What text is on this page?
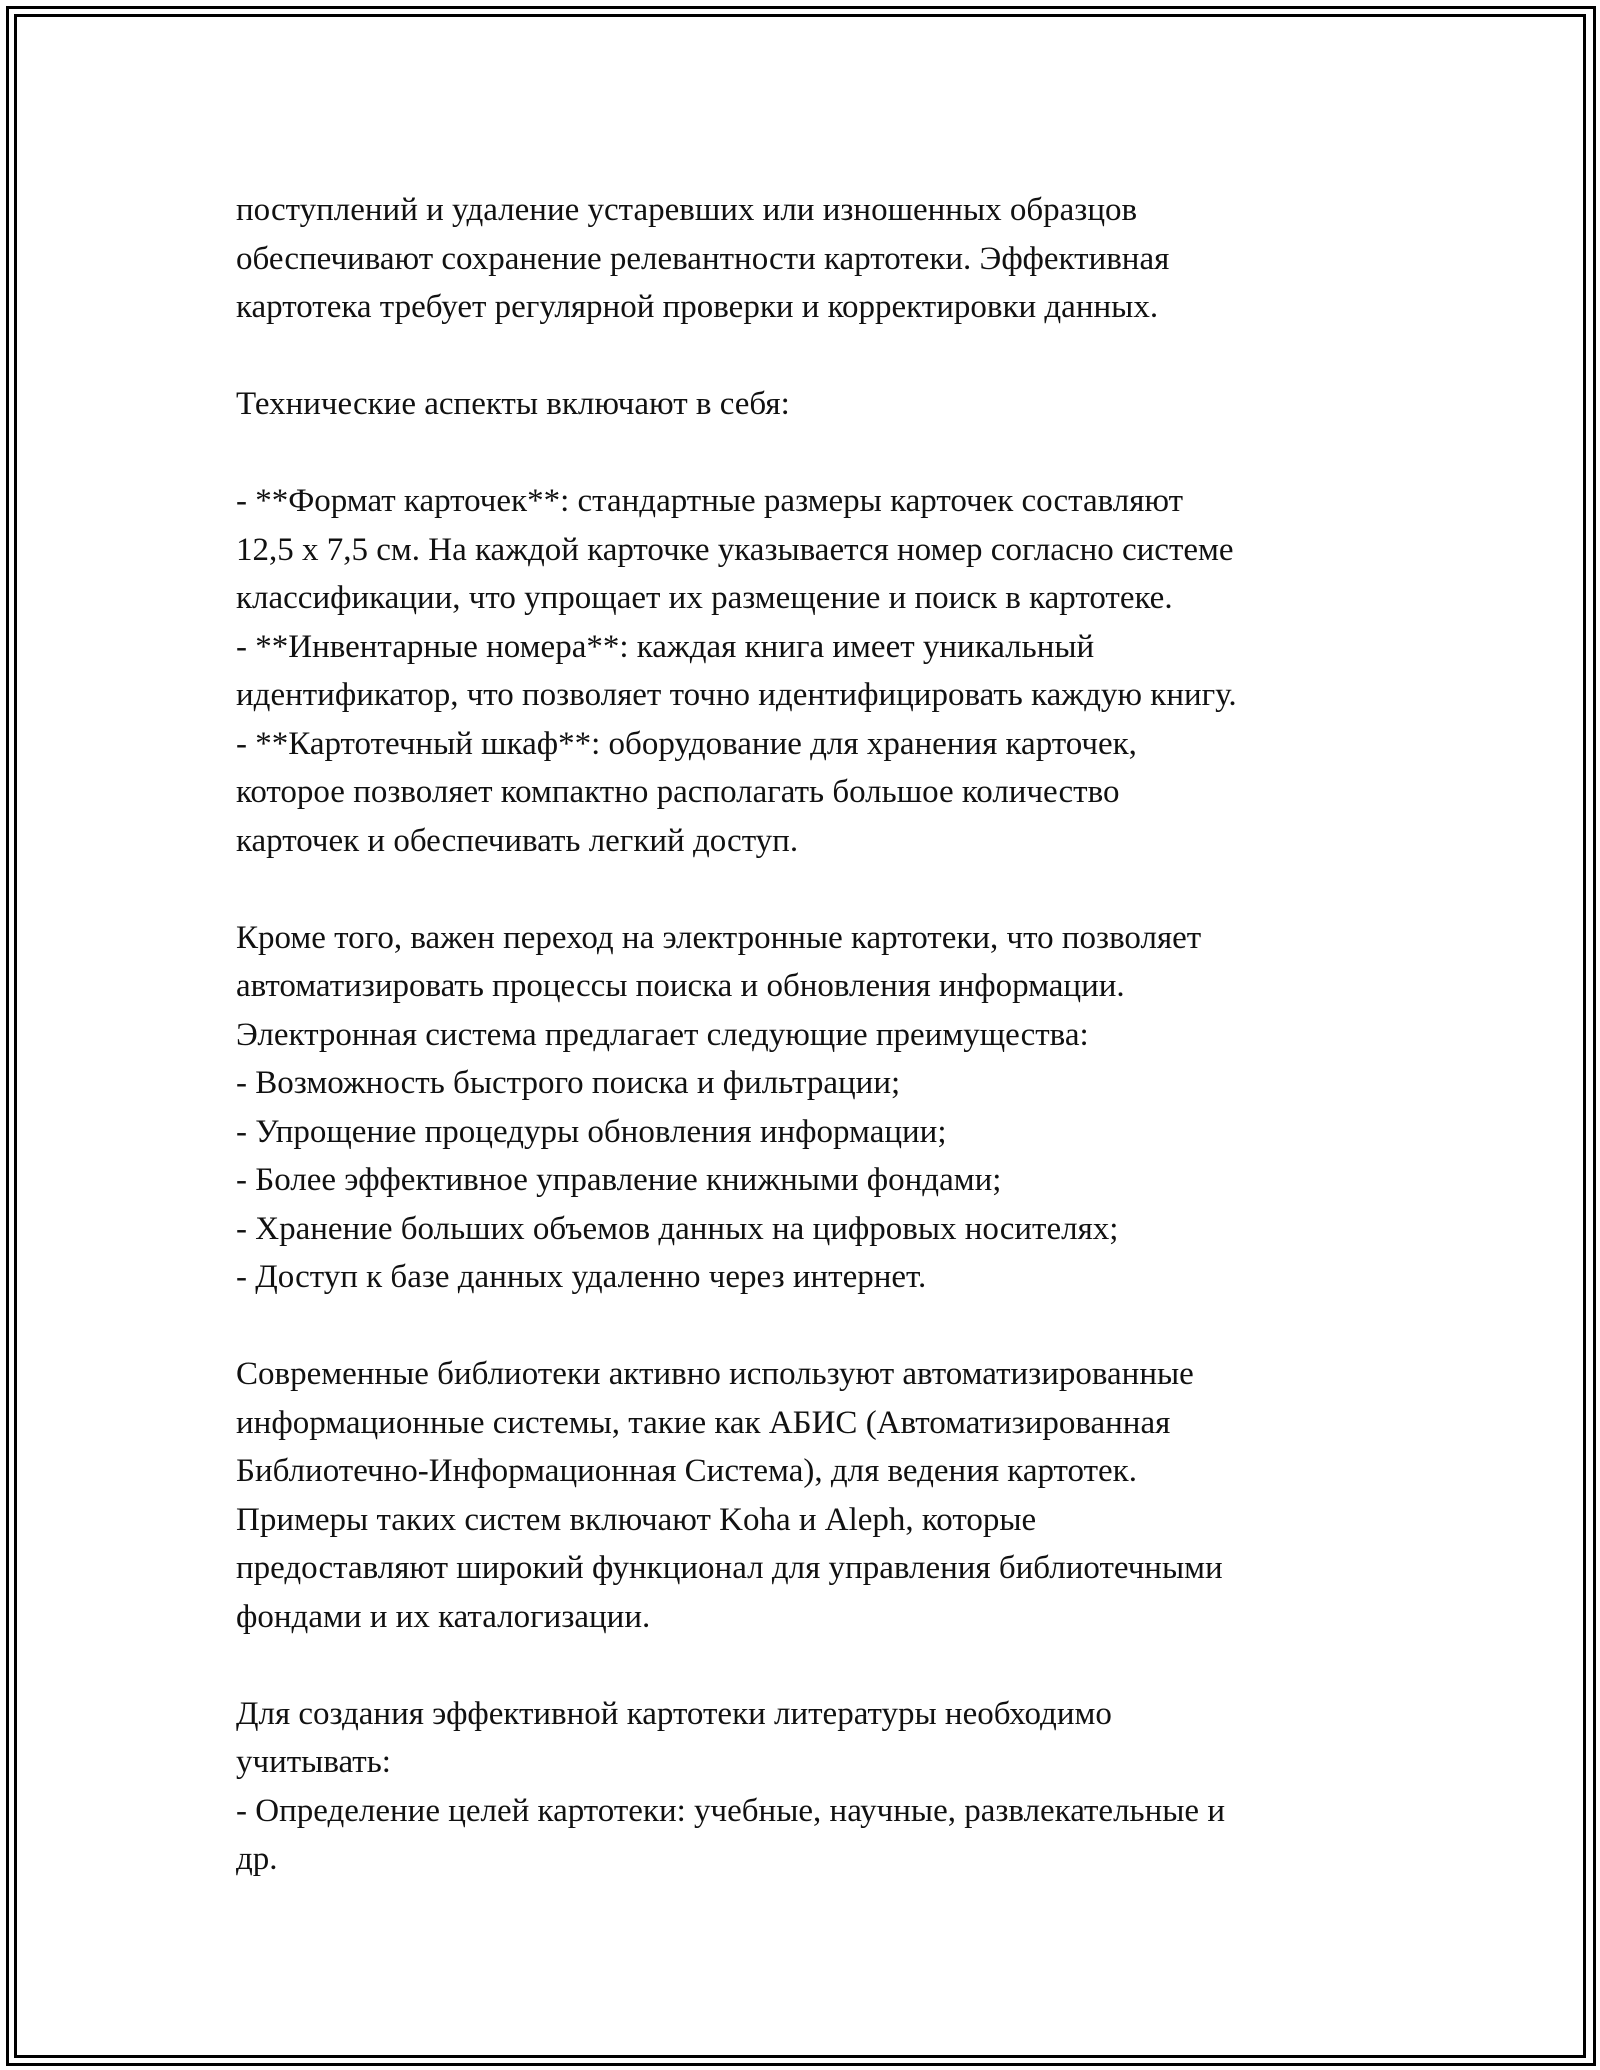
поступлений и удаление устаревших или изношенных образцов
обеспечивают сохранение релевантности картотеки. Эффективная
картотека требует регулярной проверки и корректировки данных.
Технические аспекты включают в себя:
- **Формат карточек**: стандартные размеры карточек составляют
12,5 х 7,5 см. На каждой карточке указывается номер согласно системе
классификации, что упрощает их размещение и поиск в картотеке.
- **Инвентарные номера**: каждая книга имеет уникальный
идентификатор, что позволяет точно идентифицировать каждую книгу.
- **Картотечный шкаф**: оборудование для хранения карточек,
которое позволяет компактно располагать большое количество
карточек и обеспечивать легкий доступ.
Кроме того, важен переход на электронные картотеки, что позволяет
автоматизировать процессы поиска и обновления информации.
Электронная система предлагает следующие преимущества:
- Возможность быстрого поиска и фильтрации;
- Упрощение процедуры обновления информации;
- Более эффективное управление книжными фондами;
- Хранение больших объемов данных на цифровых носителях;
- Доступ к базе данных удаленно через интернет.
Современные библиотеки активно используют автоматизированные
информационные системы, такие как АБИС (Автоматизированная
Библиотечно-Информационная Система), для ведения картотек.
Примеры таких систем включают Koha и Aleph, которые
предоставляют широкий функционал для управления библиотечными
фондами и их каталогизации.
Для создания эффективной картотеки литературы необходимо
учитывать:
- Определение целей картотеки: учебные, научные, развлекательные и
др.
